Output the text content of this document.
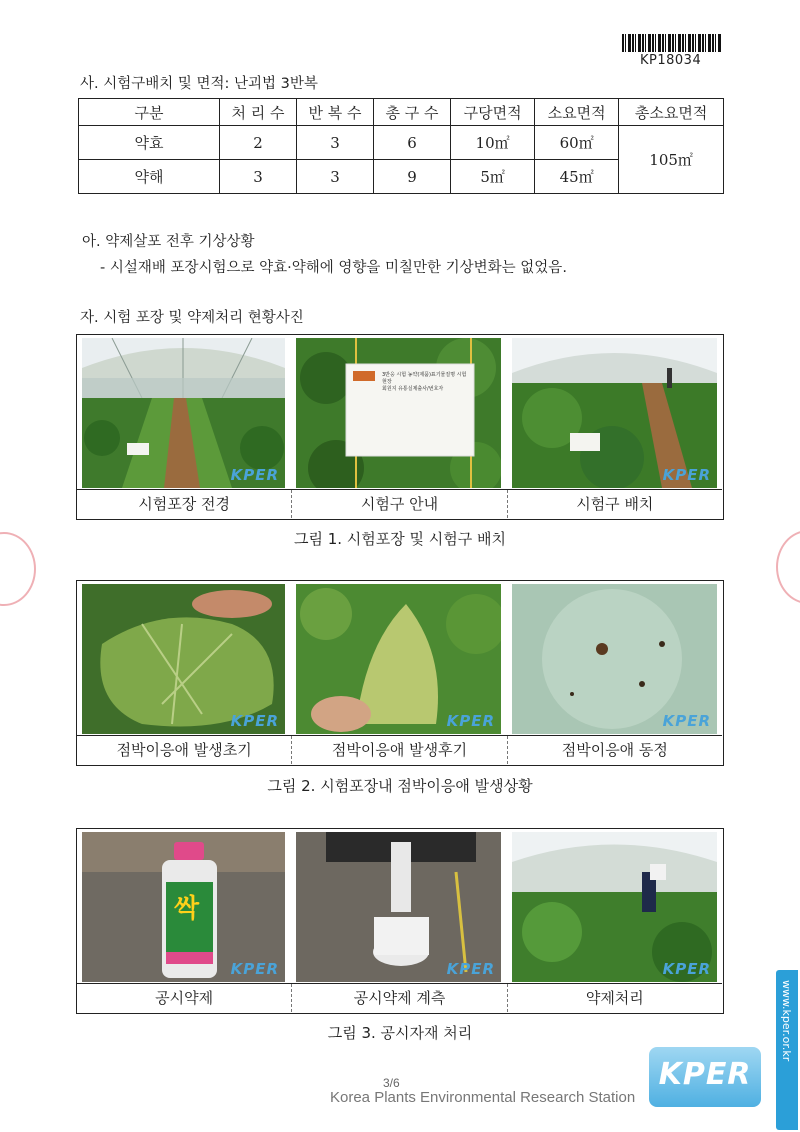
KP18034
사. 시험구배치 및 면적: 난괴법 3반복
구분	처 리 수	반 복 수	총 구 수	구당면적	소요면적	총소요면적
약효	2	3	6	10㎡	60㎡	105㎡
약해	3	3	9	5㎡	45㎡	
아. 약제살포 전후 기상상황
- 시설재배 포장시험으로 약효·약해에 영향을 미칠만한 기상변화는 없었음.
자. 시험 포장 및 약제처리 현황사진
KPER
3반응 시험 농약(제품)표기물질명 시험현장
회원지 유통실제출사/번호자
KPER
시험포장 전경	시험구 안내	시험구 배치
그림 1. 시험포장 및 시험구 배치
KPER	KPER	KPER
점박이응애 발생초기	점박이응애 발생후기	점박이응애 동정
그림 2. 시험포장내 점박이응애 발생상황
싹
KPER	KPER	KPER
공시약제	공시약제 계측	약제처리
그림 3. 공시자재 처리	www.kper.or.kr
KPER
3/6
Korea Plants Environmental Research Station
